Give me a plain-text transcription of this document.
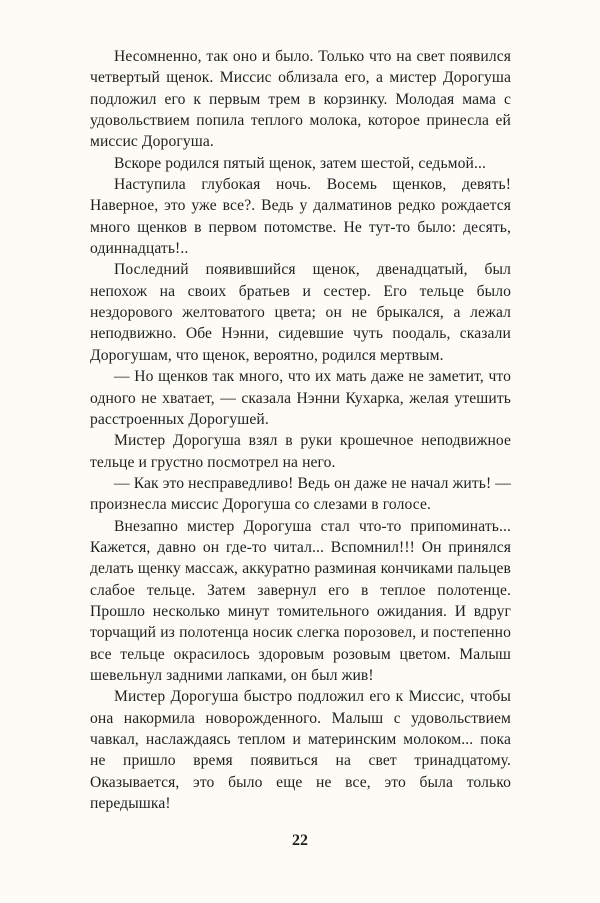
Несомненно, так оно и было. Только что на свет появился четвертый щенок. Миссис облизала его, а мистер Дорогуша подложил его к первым трем в корзинку. Молодая мама с удовольствием попила теплого молока, которое принесла ей миссис Дорогуша.

Вскоре родился пятый щенок, затем шестой, седьмой...

Наступила глубокая ночь. Восемь щенков, девять! Наверное, это уже все?. Ведь у далматинов редко рождается много щенков в первом потомстве. Не тут-то было: десять, одиннадцать!..

Последний появившийся щенок, двенадцатый, был непохож на своих братьев и сестер. Его тельце было нездорового желтоватого цвета; он не брыкался, а лежал неподвижно. Обе Нэнни, сидевшие чуть поодаль, сказали Дорогушам, что щенок, вероятно, родился мертвым.

— Но щенков так много, что их мать даже не заметит, что одного не хватает, — сказала Нэнни Кухарка, желая утешить расстроенных Дорогушей.

Мистер Дорогуша взял в руки крошечное неподвижное тельце и грустно посмотрел на него.

— Как это несправедливо! Ведь он даже не начал жить! — произнесла миссис Дорогуша со слезами в голосе.

Внезапно мистер Дорогуша стал что-то припоминать... Кажется, давно он где-то читал... Вспомнил!!! Он принялся делать щенку массаж, аккуратно разминая кончиками пальцев слабое тельце. Затем завернул его в теплое полотенце. Прошло несколько минут томительного ожидания. И вдруг торчащий из полотенца носик слегка порозовел, и постепенно все тельце окрасилось здоровым розовым цветом. Малыш шевельнул задними лапками, он был жив!

Мистер Дорогуша быстро подложил его к Миссис, чтобы она накормила новорожденного. Малыш с удовольствием чавкал, наслаждаясь теплом и материнским молоком... пока не пришло время появиться на свет тринадцатому. Оказывается, это было еще не все, это была только передышка!

22
